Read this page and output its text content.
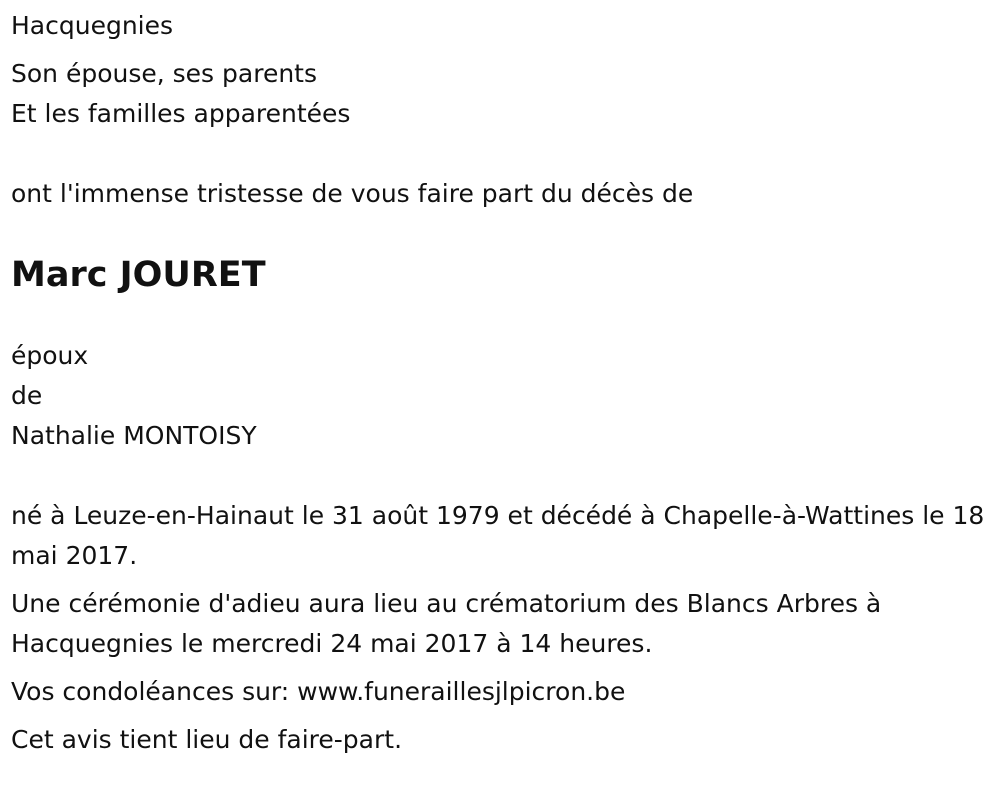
Hacquegnies
Son épouse, ses parents
Et les familles apparentées
ont l'immense tristesse de vous faire part du décès de
Marc JOURET
époux
de
Nathalie MONTOISY
né à Leuze-en-Hainaut le 31 août 1979 et décédé à Chapelle-à-Wattines le 18 mai 2017.
Une cérémonie d'adieu aura lieu au crématorium des Blancs Arbres à Hacquegnies le mercredi 24 mai 2017 à 14 heures.
Vos condoléances sur: www.funeraillesjlpicron.be
Cet avis tient lieu de faire-part.
